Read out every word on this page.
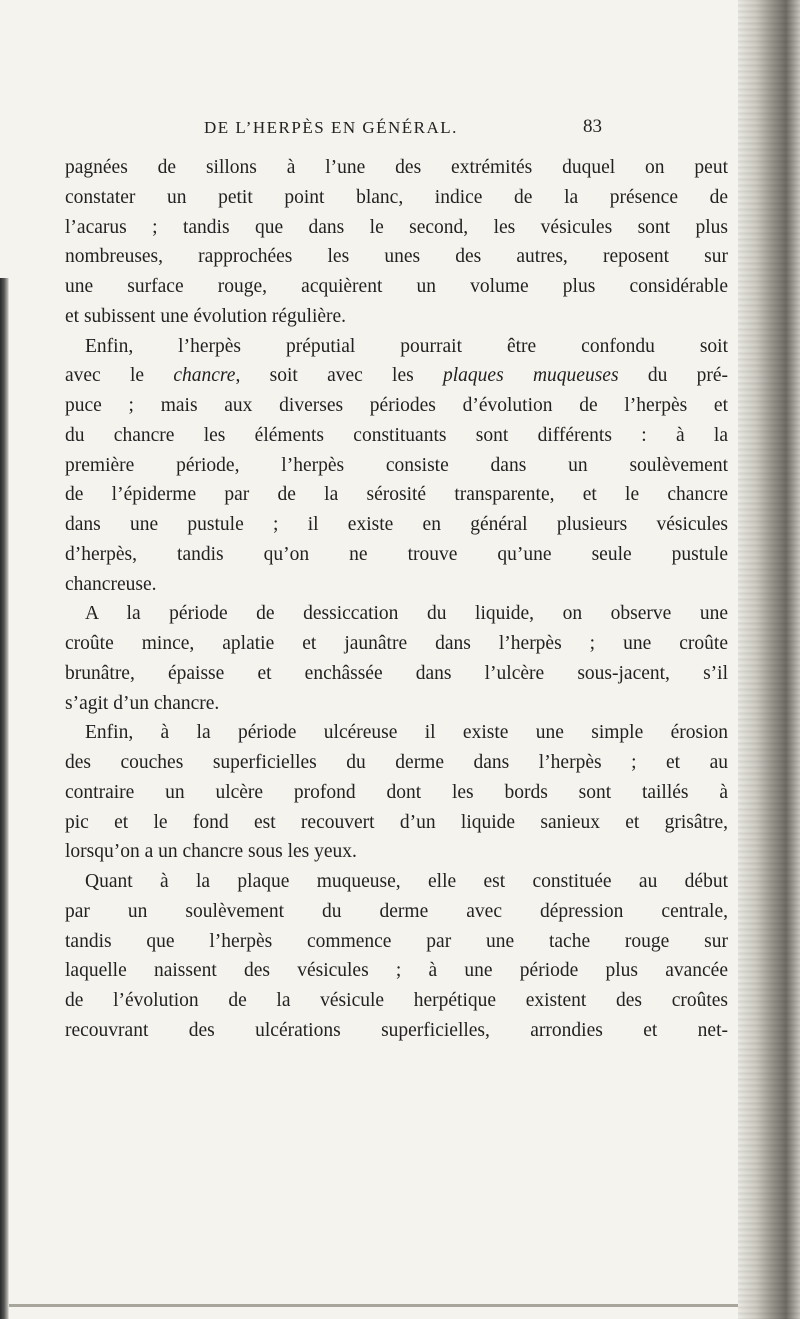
DE L’HERPÈS EN GÉNÉRAL.	83
pagnées de sillons à l’une des extrémités duquel on peut
constater un petit point blanc, indice de la présence de
l’acarus ; tandis que dans le second, les vésicules sont plus
nombreuses, rapprochées les unes des autres, reposent sur
une surface rouge, acquièrent un volume plus considérable
et subissent une évolution régulière.
Enfin, l’herpès préputial pourrait être confondu soit
avec le chancre, soit avec les plaques muqueuses du pré-
puce ; mais aux diverses périodes d’évolution de l’herpès et
du chancre les éléments constituants sont différents : à la
première période, l’herpès consiste dans un soulèvement
de l’épiderme par de la sérosité transparente, et le chancre
dans une pustule ; il existe en général plusieurs vésicules
d’herpès, tandis qu’on ne trouve qu’une seule pustule
chancreuse.
A la période de dessiccation du liquide, on observe une
croûte mince, aplatie et jaunâtre dans l’herpès ; une croûte
brunâtre, épaisse et enchâssée dans l’ulcère sous-jacent, s’il
s’agit d’un chancre.
Enfin, à la période ulcéreuse il existe une simple érosion
des couches superficielles du derme dans l’herpès ; et au
contraire un ulcère profond dont les bords sont taillés à
pic et le fond est recouvert d’un liquide sanieux et grisâtre,
lorsqu’on a un chancre sous les yeux.
Quant à la plaque muqueuse, elle est constituée au début
par un soulèvement du derme avec dépression centrale,
tandis que l’herpès commence par une tache rouge sur
laquelle naissent des vésicules ; à une période plus avancée
de l’évolution de la vésicule herpétique existent des croûtes
recouvrant des ulcérations superficielles, arrondies et net-
